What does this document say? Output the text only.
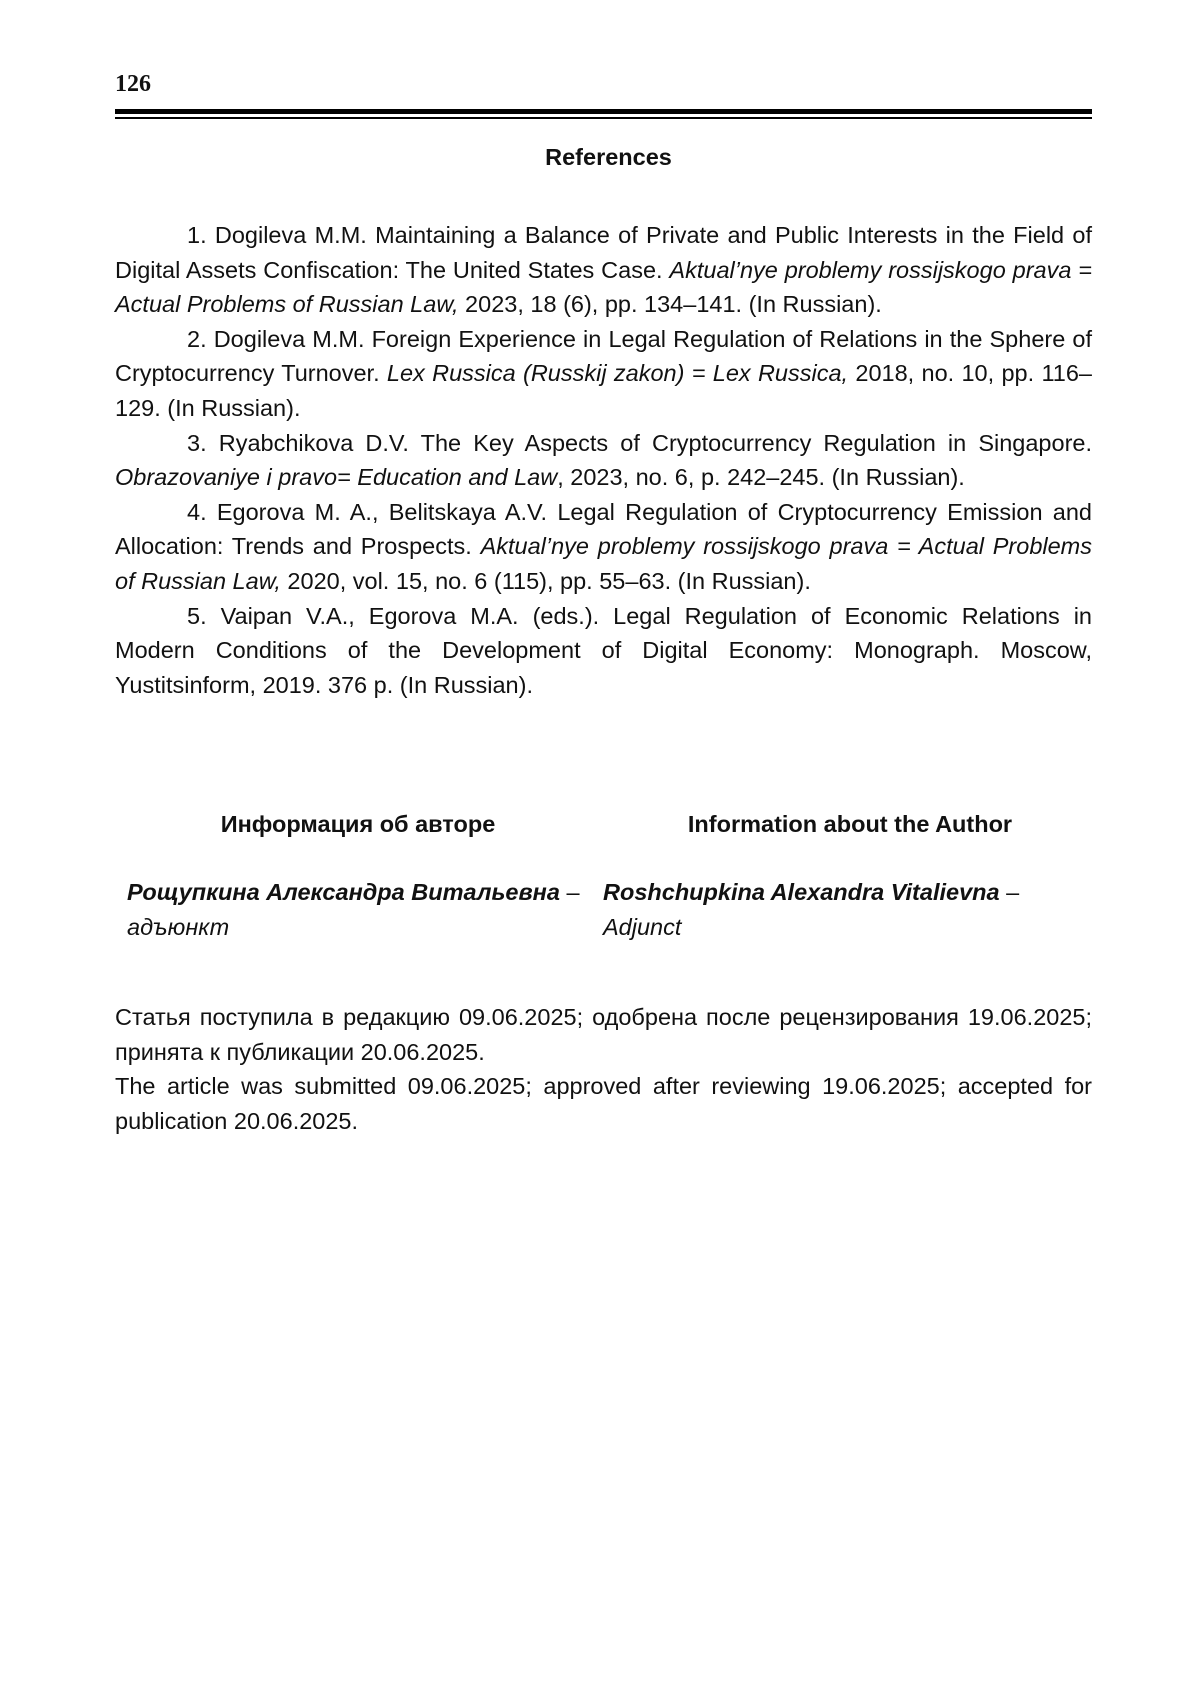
126
References

1. Dogileva M.M. Maintaining a Balance of Private and Public Interests in the Field of Digital Assets Confiscation: The United States Case. Aktual’nye problemy rossijskogo prava = Actual Problems of Russian Law, 2023, 18 (6), pp. 134–141. (In Russian).

2. Dogileva M.M. Foreign Experience in Legal Regulation of Relations in the Sphere of Cryptocurrency Turnover. Lex Russica (Russkij zakon) = Lex Russica, 2018, no. 10, pp. 116–129. (In Russian).

3. Ryabchikova D.V. The Key Aspects of Cryptocurrency Regulation in Singapore. Obrazovaniye i pravo= Education and Law, 2023, no. 6, p. 242–245. (In Russian).

4. Egorova M. A., Belitskaya A.V. Legal Regulation of Cryptocurrency Emission and Allocation: Trends and Prospects. Aktual’nye problemy rossijskogo prava = Actual Problems of Russian Law, 2020, vol. 15, no. 6 (115), pp. 55–63. (In Russian).

5. Vaipan V.A., Egorova M.A. (eds.). Legal Regulation of Economic Relations in Modern Conditions of the Development of Digital Economy: Monograph. Moscow, Yustitsinform, 2019. 376 p. (In Russian).

Информация об авторе
Рощупкина Александра Витальевна –
адъюнкт
Information about the Author
Roshchupkina Alexandra Vitalievna –
Adjunct

Статья поступила в редакцию 09.06.2025; одобрена после рецензирования 19.06.2025; принята к публикации 20.06.2025.

The article was submitted 09.06.2025; approved after reviewing 19.06.2025; accepted for publication 20.06.2025.
